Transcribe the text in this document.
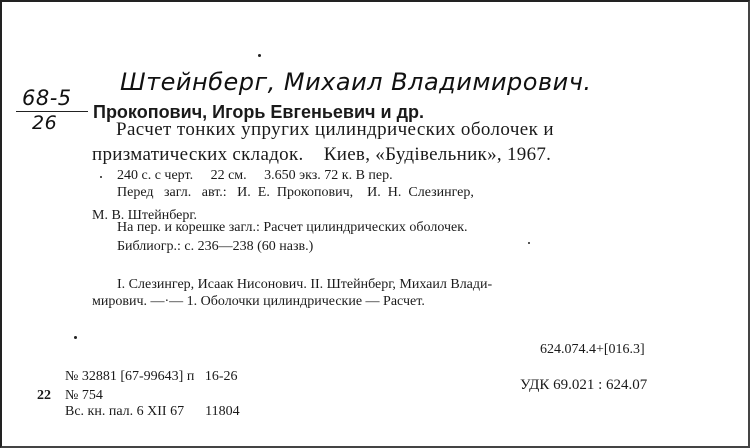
68-5
26
Штейнберг, Михаил Владимирович.
Прокопович, Игорь Евгеньевич и др.
Расчет тонких упругих цилиндрических оболочек и
призматических складок.    Киев, «Будівельник», 1967.
240 с. с черт.     22 см.     3.650 экз. 72 к. В пер.
Перед   загл.   авт.:   И.  Е.  Прокопович,    И.  Н.  Слезингер,
М. В. Штейнберг.
На пер. и корешке загл.: Расчет цилиндрических оболочек.
Библиогр.: с. 236—238 (60 назв.)
I. Слезингер, Исаак Нисонович. II. Штейнберг, Михаил Влади-
мирович. —·— 1. Оболочки цилиндрические — Расчет.
624.074.4+[016.3]
УДК 69.021 : 624.07
№ 32881 [67-99643] п   16-26
22 № 754
Вс. кн. пал. 6 XII 67      11804
